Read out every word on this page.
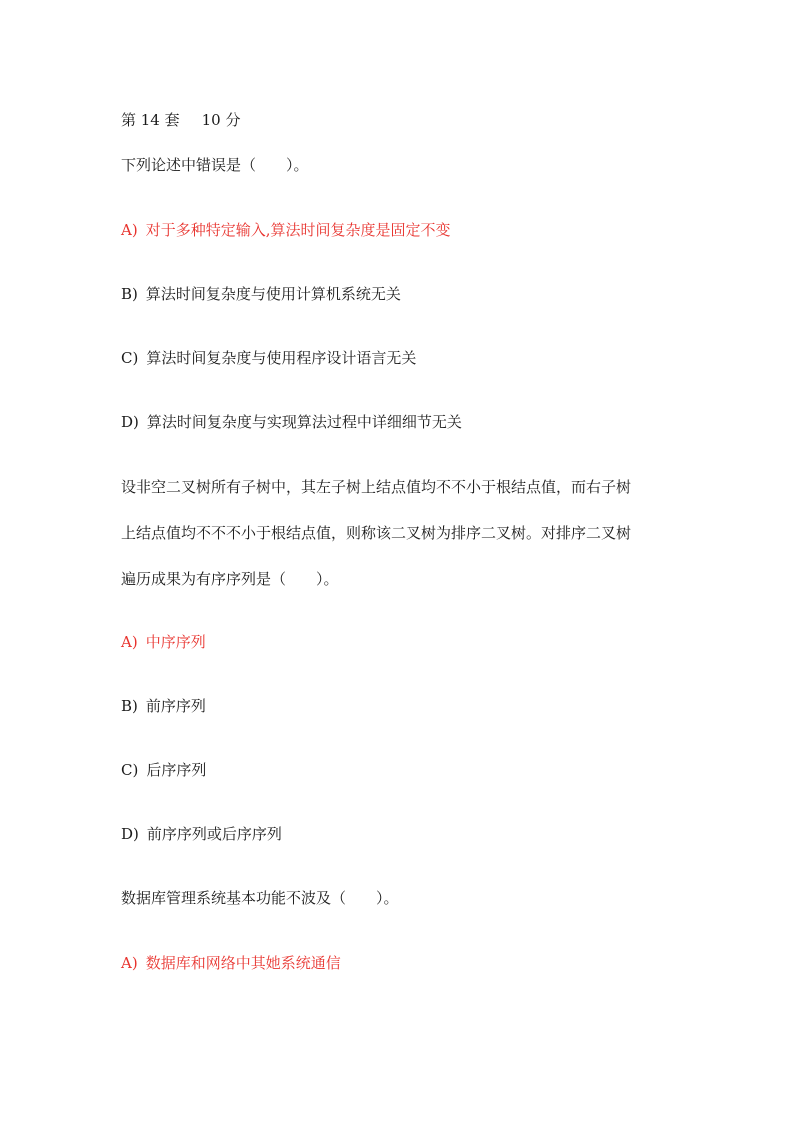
第 14 套 10 分
下列论述中错误是（　　）。
A) 对于多种特定输入,算法时间复杂度是固定不变
B) 算法时间复杂度与使用计算机系统无关
C) 算法时间复杂度与使用程序设计语言无关
D) 算法时间复杂度与实现算法过程中详细细节无关
设非空二叉树所有子树中，其左子树上结点值均不不小于根结点值，而右子树
上结点值均不不不小于根结点值，则称该二叉树为排序二叉树。对排序二叉树
遍历成果为有序序列是（　　）。
A) 中序序列
B) 前序序列
C) 后序序列
D) 前序序列或后序序列
数据库管理系统基本功能不波及（　　）。
A) 数据库和网络中其她系统通信
